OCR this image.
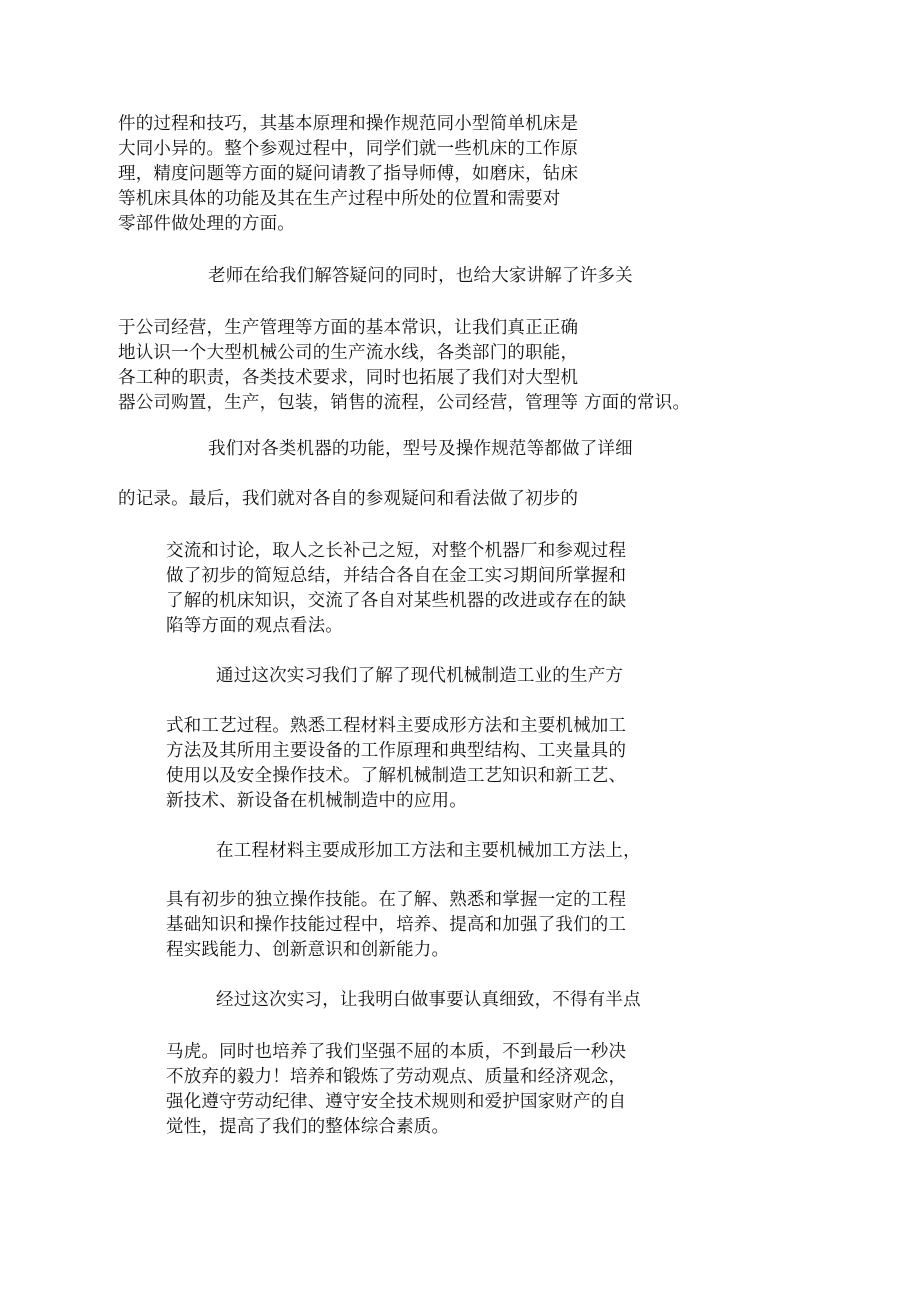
件的过程和技巧，其基本原理和操作规范同小型简单机床是
大同小异的。整个参观过程中，同学们就一些机床的工作原
理，精度问题等方面的疑问请教了指导师傅，如磨床，钻床
等机床具体的功能及其在生产过程中所处的位置和需要对
零部件做处理的方面。
老师在给我们解答疑问的同时，也给大家讲解了许多关
于公司经营，生产管理等方面的基本常识，让我们真正正确
地认识一个大型机械公司的生产流水线，各类部门的职能，
各工种的职责，各类技术要求，同时也拓展了我们对大型机
器公司购置，生产，包装，销售的流程，公司经营，管理等 方面的常识。
我们对各类机器的功能，型号及操作规范等都做了详细
的记录。最后，我们就对各自的参观疑问和看法做了初步的
交流和讨论，取人之长补己之短，对整个机器厂和参观过程
做了初步的简短总结，并结合各自在金工实习期间所掌握和
了解的机床知识，交流了各自对某些机器的改进或存在的缺
陷等方面的观点看法。
通过这次实习我们了解了现代机械制造工业的生产方
式和工艺过程。熟悉工程材料主要成形方法和主要机械加工
方法及其所用主要设备的工作原理和典型结构、工夹量具的
使用以及安全操作技术。了解机械制造工艺知识和新工艺、
新技术、新设备在机械制造中的应用。
在工程材料主要成形加工方法和主要机械加工方法上，
具有初步的独立操作技能。在了解、熟悉和掌握一定的工程
基础知识和操作技能过程中，培养、提高和加强了我们的工
程实践能力、创新意识和创新能力。
经过这次实习，让我明白做事要认真细致，不得有半点
马虎。同时也培养了我们坚强不屈的本质，不到最后一秒决
不放弃的毅力！培养和锻炼了劳动观点、质量和经济观念，
强化遵守劳动纪律、遵守安全技术规则和爱护国家财产的自
觉性，提高了我们的整体综合素质。
